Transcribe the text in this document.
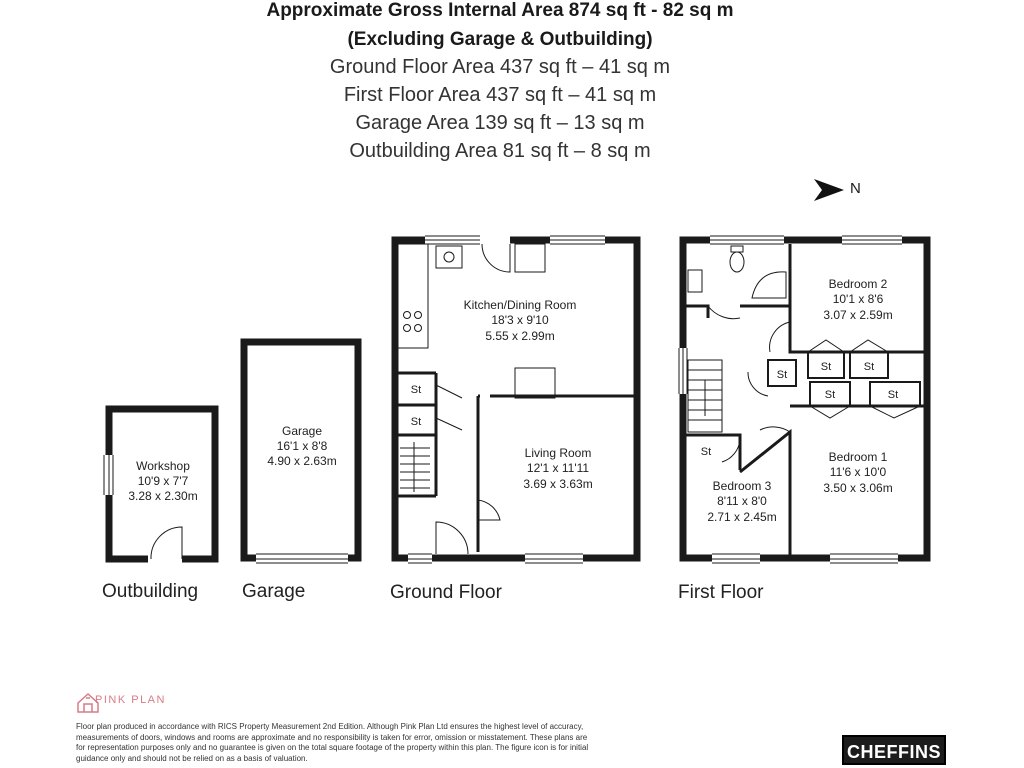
Approximate Gross Internal Area 874 sq ft - 82 sq m
(Excluding Garage & Outbuilding)
Ground Floor Area 437 sq ft – 41 sq m
First Floor Area 437 sq ft – 41 sq m
Garage Area 139 sq ft – 13 sq m
Outbuilding Area 81 sq ft – 8 sq m
N
Workshop
10'9 x 7'7
3.28 x 2.30m
Garage
16'1 x 8'8
4.90 x 2.63m
Kitchen/Dining Room
18'3 x 9'10
5.55 x 2.99m
Living Room
12'1 x 11'11
3.69 x 3.63m
Bedroom 2
10'1 x 8'6
3.07 x 2.59m
Bedroom 1
11'6 x 10'0
3.50 x 3.06m
Bedroom 3
8'11 x 8'0
2.71 x 2.45m
St
St
St	St
St
St	St
St
Outbuilding Garage	Ground Floor	First Floor
PINK PLAN
Floor plan produced in accordance with RICS Property Measurement 2nd Edition. Although Pink Plan Ltd ensures the highest level of accuracy, measurements of doors, windows and rooms are approximate and no responsibility is taken for error, omission or misstatement. These plans are for representation purposes only and no guarantee is given on the total square footage of the property within this plan. The figure icon is for initial guidance only and should not be relied on as a basis of valuation.	CHEFFINS
